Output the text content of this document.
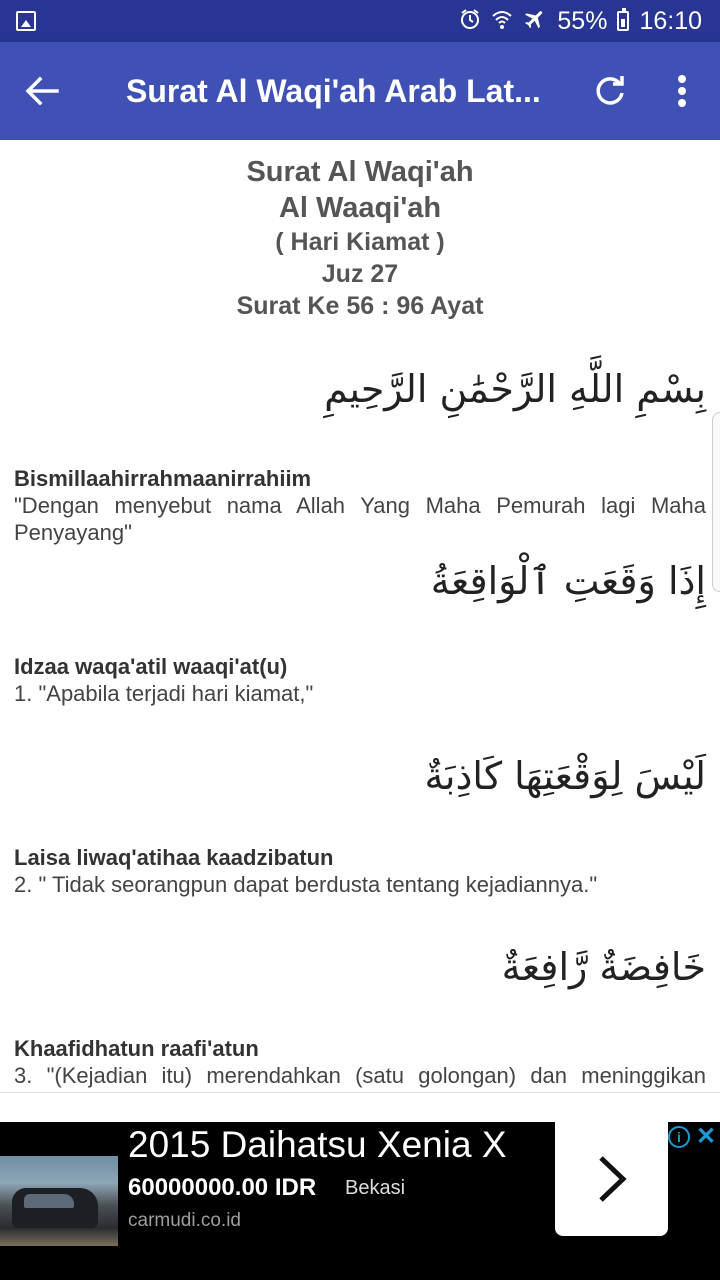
55% 16:10
Surat Al Waqi'ah Arab Lat...
Surat Al Waqi'ah
Al Waaqi'ah
( Hari Kiamat )
Juz 27
Surat Ke 56 : 96 Ayat
بِسْمِ اللَّهِ الرَّحْمَٰنِ الرَّحِيمِ
Bismillaahirrahmaanirrahiim
"Dengan menyebut nama Allah Yang Maha Pemurah lagi Maha Penyayang"
إِذَا وَقَعَتِ ٱلْوَاقِعَةُ
Idzaa waqa'atil waaqi'at(u)
1. "Apabila terjadi hari kiamat,"
لَيْسَ لِوَقْعَتِهَا كَاذِبَةٌ
Laisa liwaq'atihaa kaadzibatun
2. " Tidak seorangpun dapat berdusta tentang kejadiannya."
خَافِضَةٌ رَّافِعَةٌ
Khaafidhatun raafi'atun
3. "(Kejadian itu) merendahkan (satu golongan) dan meninggikan
2015 Daihatsu Xenia X
60000000.00 IDR Bekasi
carmudi.co.id
i ✕
